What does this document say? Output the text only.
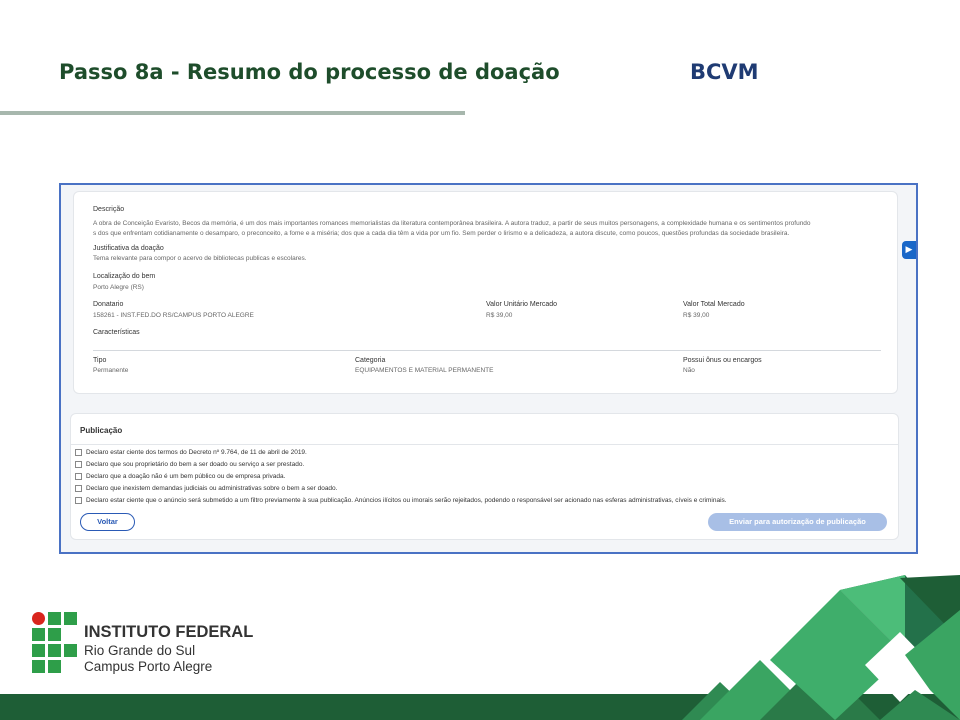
Passo 8a - Resumo do processo de doação	BCVM
Descrição
A obra de Conceição Evaristo, Becos da memória, é um dos mais importantes romances memorialistas da literatura contemporânea brasileira. A autora traduz, a partir de seus muitos personagens, a complexidade humana e os sentimentos profundo
s dos que enfrentam cotidianamente o desamparo, o preconceito, a fome e a miséria; dos que a cada dia têm a vida por um fio. Sem perder o lirismo e a delicadeza, a autora discute, como poucos, questões profundas da sociedade brasileira.
Justificativa da doação
Tema relevante para compor o acervo de bibliotecas publicas e escolares.
Localização do bem
Porto Alegre (RS)
Donatario
158261 - INST.FED.DO RS/CAMPUS PORTO ALEGRE
Valor Unitário Mercado
R$ 39,00
Valor Total Mercado
R$ 39,00
Características
Tipo
Permanente
Categoria
EQUIPAMENTOS E MATERIAL PERMANENTE
Possui ônus ou encargos
Não
Publicação
Declaro estar ciente dos termos do Decreto nº 9.764, de 11 de abril de 2019.
Declaro que sou proprietário do bem a ser doado ou serviço a ser prestado.
Declaro que a doação não é um bem público ou de empresa privada.
Declaro que inexistem demandas judiciais ou administrativas sobre o bem a ser doado.
Declaro estar ciente que o anúncio será submetido a um filtro previamente à sua publicação. Anúncios ilícitos ou imorais serão rejeitados, podendo o responsável ser acionado nas esferas administrativas, cíveis e criminais.
Voltar	Enviar para autorização de publicação
▶
INSTITUTO FEDERAL
Rio Grande do Sul
Campus Porto Alegre
